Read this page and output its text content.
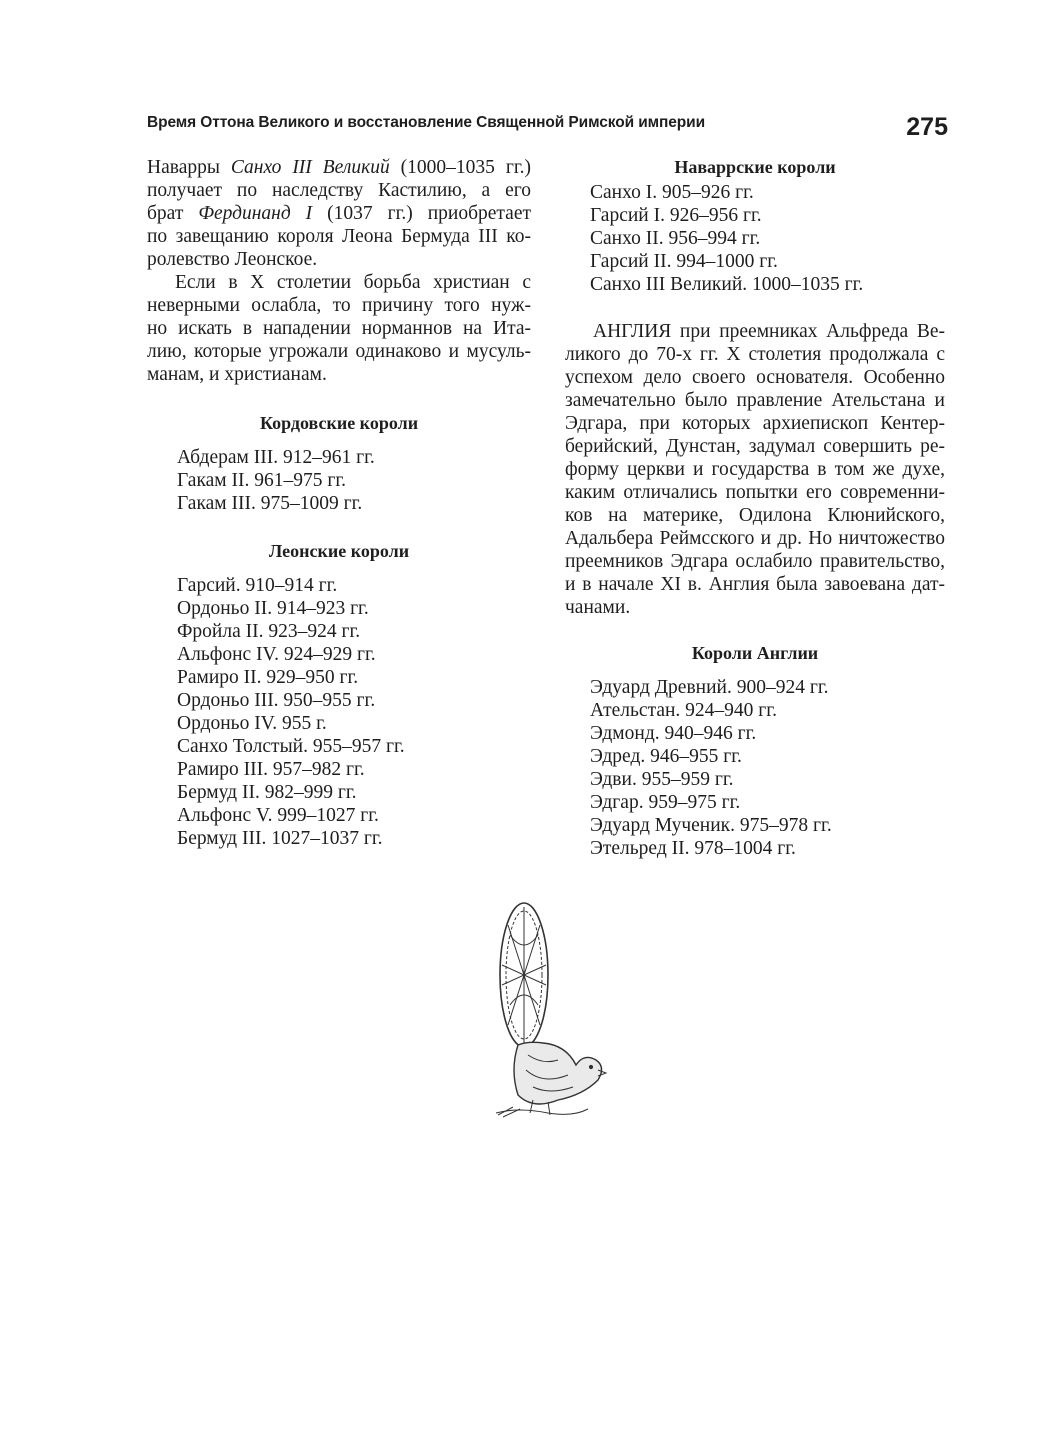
Время Оттона Великого и восстановление Священной Римской империи	275

Наварры Санхо III Великий (1000–1035 гг.)
получает по наследству Кастилию, а его
брат Фердинанд I (1037 гг.) приобретает
по завещанию короля Леона Бермуда III ко-
ролевство Леонское.

Если в X столетии борьба христиан с
неверными ослабла, то причину того нуж-
но искать в нападении норманнов на Ита-
лию, которые угрожали одинаково и мусуль-
манам, и христианам.

Кордовские короли
Абдерам III. 912–961 гг.
Гакам II. 961–975 гг.
Гакам III. 975–1009 гг.
Леонские короли
Гарсий. 910–914 гг.
Ордоньо II. 914–923 гг.
Фройла II. 923–924 гг.
Альфонс IV. 924–929 гг.
Рамиро II. 929–950 гг.
Ордоньо III. 950–955 гг.
Ордоньо IV. 955 г.
Санхо Толстый. 955–957 гг.
Рамиро III. 957–982 гг.
Бермуд II. 982–999 гг.
Альфонс V. 999–1027 гг.
Бермуд III. 1027–1037 гг.
Наваррские короли
Санхо I. 905–926 гг.
Гарсий I. 926–956 гг.
Санхо II. 956–994 гг.
Гарсий II. 994–1000 гг.
Санхо III Великий. 1000–1035 гг.

АНГЛИЯ при преемниках Альфреда Ве-
ликого до 70-х гг. X столетия продолжала с
успехом дело своего основателя. Особенно
замечательно было правление Ательстана и
Эдгара, при которых архиепископ Кентер-
берийский, Дунстан, задумал совершить ре-
форму церкви и государства в том же духе,
каким отличались попытки его современни-
ков на материке, Одилона Клюнийского,
Адальбера Реймсского и др. Но ничтожество
преемников Эдгара ослабило правительство,
и в начале XI в. Англия была завоевана дат-
чанами.

Короли Англии
Эдуард Древний. 900–924 гг.
Ательстан. 924–940 гг.
Эдмонд. 940–946 гг.
Эдред. 946–955 гг.
Эдви. 955–959 гг.
Эдгар. 959–975 гг.
Эдуард Мученик. 975–978 гг.
Этельред II. 978–1004 гг.
